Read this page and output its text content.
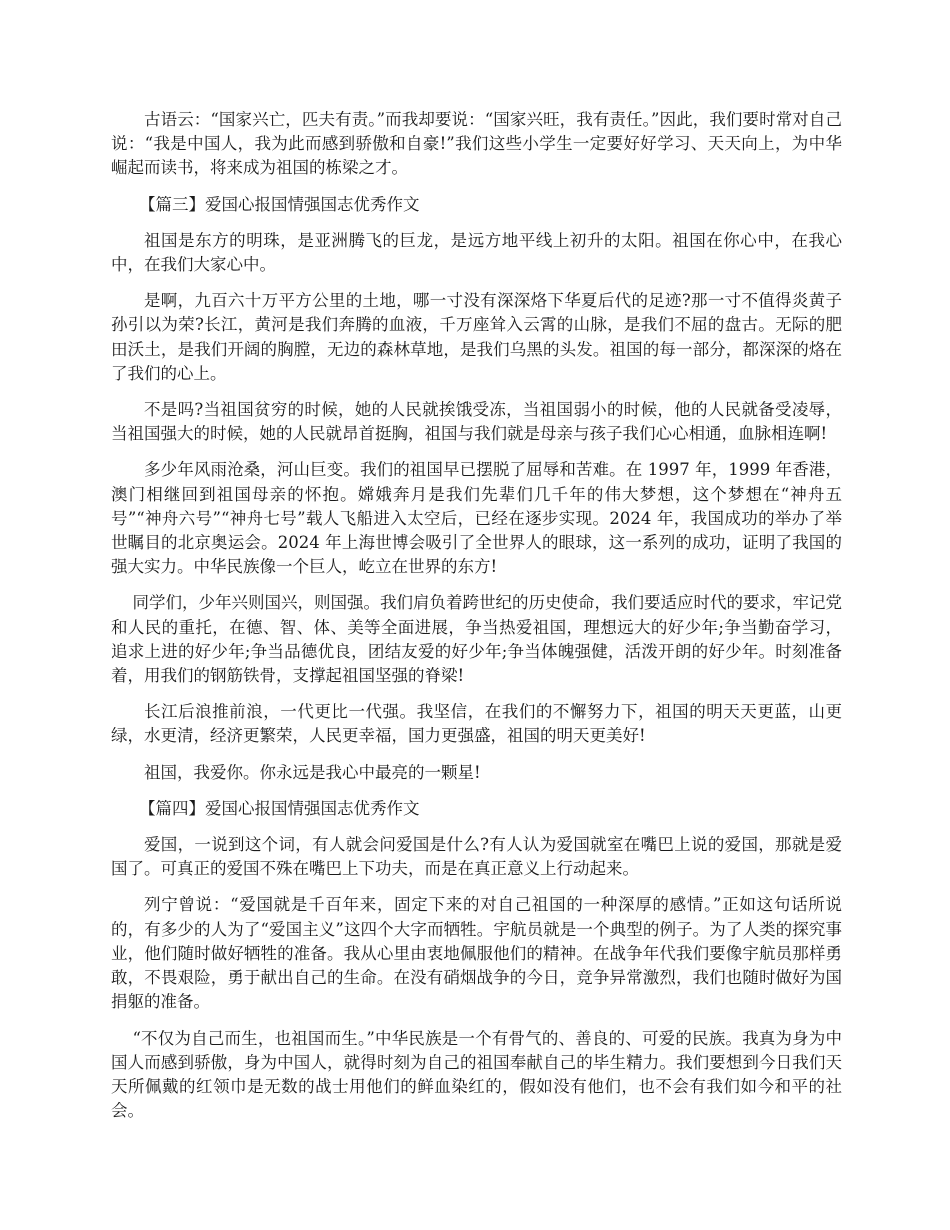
古语云：“国家兴亡，匹夫有责。”而我却要说：“国家兴旺，我有责任。”因此，我们要时常对自己说：“我是中国人，我为此而感到骄傲和自豪!”我们这些小学生一定要好好学习、天天向上，为中华崛起而读书，将来成为祖国的栋梁之才。

【篇三】爱国心报国情强国志优秀作文

祖国是东方的明珠，是亚洲腾飞的巨龙，是远方地平线上初升的太阳。祖国在你心中，在我心中，在我们大家心中。

是啊，九百六十万平方公里的土地，哪一寸没有深深烙下华夏后代的足迹?那一寸不值得炎黄子孙引以为荣?长江，黄河是我们奔腾的血液，千万座耸入云霄的山脉，是我们不屈的盘古。无际的肥田沃土，是我们开阔的胸膛，无边的森林草地，是我们乌黑的头发。祖国的每一部分，都深深的烙在了我们的心上。

不是吗?当祖国贫穷的时候，她的人民就挨饿受冻，当祖国弱小的时候，他的人民就备受凌辱，当祖国强大的时候，她的人民就昂首挺胸，祖国与我们就是母亲与孩子我们心心相通，血脉相连啊!

多少年风雨沧桑，河山巨变。我们的祖国早已摆脱了屈辱和苦难。在 1997 年，1999 年香港，澳门相继回到祖国母亲的怀抱。嫦娥奔月是我们先辈们几千年的伟大梦想，这个梦想在“神舟五号”“神舟六号”“神舟七号”载人飞船进入太空后，已经在逐步实现。2024 年，我国成功的举办了举世瞩目的北京奥运会。2024 年上海世博会吸引了全世界人的眼球，这一系列的成功，证明了我国的强大实力。中华民族像一个巨人，屹立在世界的东方!

同学们，少年兴则国兴，则国强。我们肩负着跨世纪的历史使命，我们要适应时代的要求，牢记党和人民的重托，在德、智、体、美等全面进展，争当热爱祖国，理想远大的好少年;争当勤奋学习，追求上进的好少年;争当品德优良，团结友爱的好少年;争当体魄强健，活泼开朗的好少年。时刻准备着，用我们的钢筋铁骨，支撑起祖国坚强的脊梁!

长江后浪推前浪，一代更比一代强。我坚信，在我们的不懈努力下，祖国的明天天更蓝，山更绿，水更清，经济更繁荣，人民更幸福，国力更强盛，祖国的明天更美好!

祖国，我爱你。你永远是我心中最亮的一颗星!

【篇四】爱国心报国情强国志优秀作文

爱国，一说到这个词，有人就会问爱国是什么?有人认为爱国就室在嘴巴上说的爱国，那就是爱国了。可真正的爱国不殊在嘴巴上下功夫，而是在真正意义上行动起来。

列宁曾说：“爱国就是千百年来，固定下来的对自己祖国的一种深厚的感情。”正如这句话所说的，有多少的人为了“爱国主义”这四个大字而牺牲。宇航员就是一个典型的例子。为了人类的探究事业，他们随时做好牺牲的准备。我从心里由衷地佩服他们的精神。在战争年代我们要像宇航员那样勇敢，不畏艰险，勇于献出自己的生命。在没有硝烟战争的今日，竞争异常激烈，我们也随时做好为国捐躯的准备。

“不仅为自己而生，也祖国而生。”中华民族是一个有骨气的、善良的、可爱的民族。我真为身为中国人而感到骄傲，身为中国人，就得时刻为自己的祖国奉献自己的毕生精力。我们要想到今日我们天天所佩戴的红领巾是无数的战士用他们的鲜血染红的，假如没有他们，也不会有我们如今和平的社会。
